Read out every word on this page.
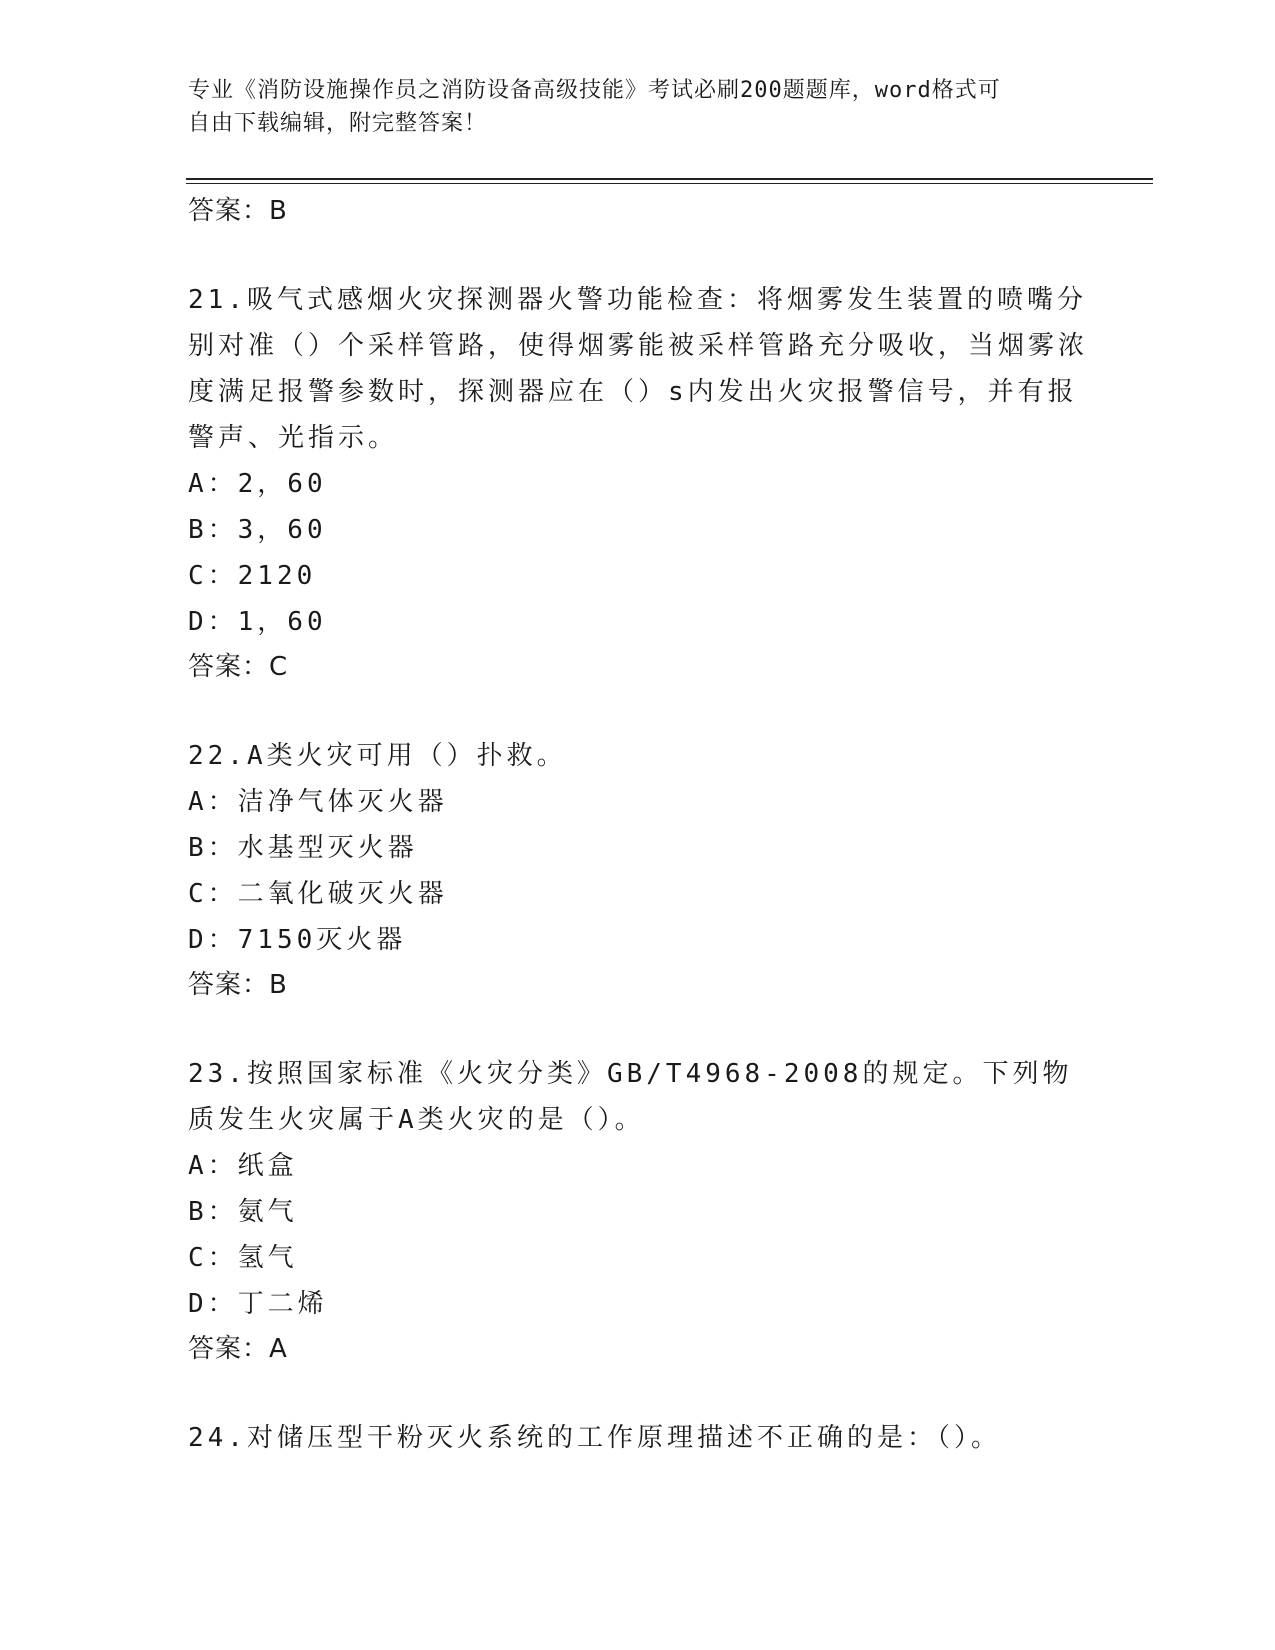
专业《消防设施操作员之消防设备高级技能》考试必刷200题题库，word格式可
自由下载编辑，附完整答案！
答案：B
21.吸气式感烟火灾探测器火警功能检查：将烟雾发生装置的喷嘴分别对准（）个采样管路，使得烟雾能被采样管路充分吸收，当烟雾浓度满足报警参数时，探测器应在（）s内发出火灾报警信号，并有报警声、光指示。
A：2，60
B：3，60
C：2120
D：1，60
答案：C
22.A类火灾可用（）扑救。
A：洁净气体灭火器
B：水基型灭火器
C：二氧化破灭火器
D：7150灭火器
答案：B
23.按照国家标准《火灾分类》GB/T4968-2008的规定。下列物质发生火灾属于A类火灾的是（）。
A：纸盒
B：氨气
C：氢气
D：丁二烯
答案：A
24.对储压型干粉灭火系统的工作原理描述不正确的是：（）。
